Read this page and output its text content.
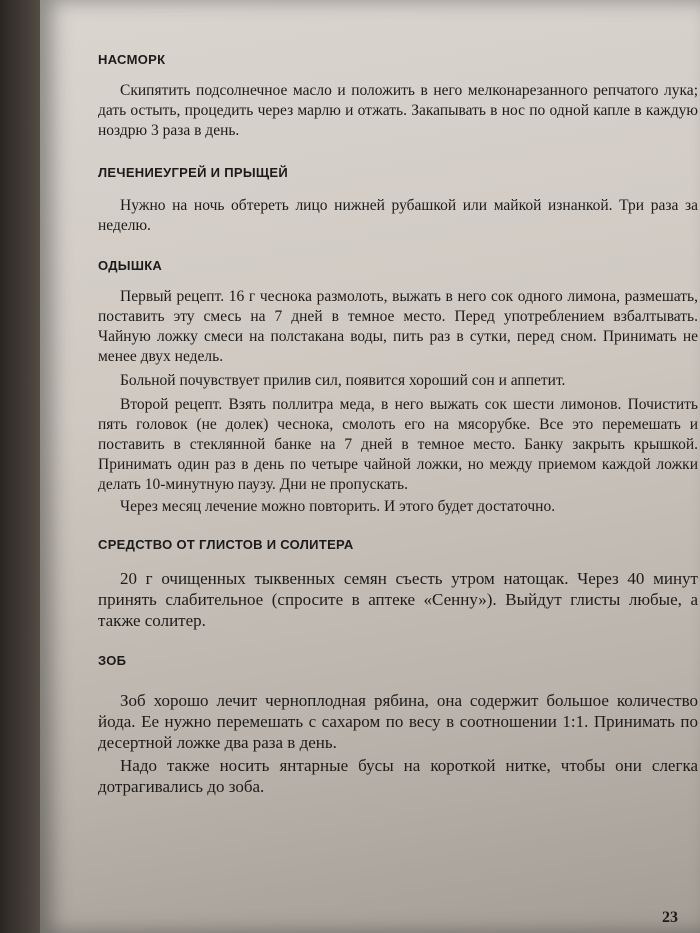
НАСМОРК

Скипятить подсолнечное масло и положить в него мелконарезанного репчатого лука; дать остыть, процедить через марлю и отжать. Закапывать в нос по одной капле в каждую ноздрю 3 раза в день.

ЛЕЧЕНИЕУГРЕЙ И ПРЫЩЕЙ

Нужно на ночь обтереть лицо нижней рубашкой или майкой изнанкой. Три раза за неделю.

ОДЫШКА

Первый рецепт. 16 г чеснока размолоть, выжать в него сок одного лимона, размешать, поставить эту смесь на 7 дней в темное место. Перед употреблением взбалтывать. Чайную ложку смеси на полстакана воды, пить раз в сутки, перед сном. Принимать не менее двух недель.

Больной почувствует прилив сил, появится хороший сон и аппетит.

Второй рецепт. Взять поллитра меда, в него выжать сок шести лимонов. Почистить пять головок (не долек) чеснока, смолоть его на мясорубке. Все это перемешать и поставить в стеклянной банке на 7 дней в темное место. Банку закрыть крышкой. Принимать один раз в день по четыре чайной ложки, но между приемом каждой ложки делать 10-минутную паузу. Дни не пропускать.

Через месяц лечение можно повторить. И этого будет достаточно.

СРЕДСТВО ОТ ГЛИСТОВ И СОЛИТЕРА

20 г очищенных тыквенных семян съесть утром натощак. Через 40 минут принять слабительное (спросите в аптеке «Сенну»). Выйдут глисты любые, а также солитер.

ЗОБ

Зоб хорошо лечит черноплодная рябина, она содержит большое количество йода. Ее нужно перемешать с сахаром по весу в соотношении 1:1. Принимать по десертной ложке два раза в день.

Надо также носить янтарные бусы на короткой нитке, чтобы они слегка дотрагивались до зоба.

23
